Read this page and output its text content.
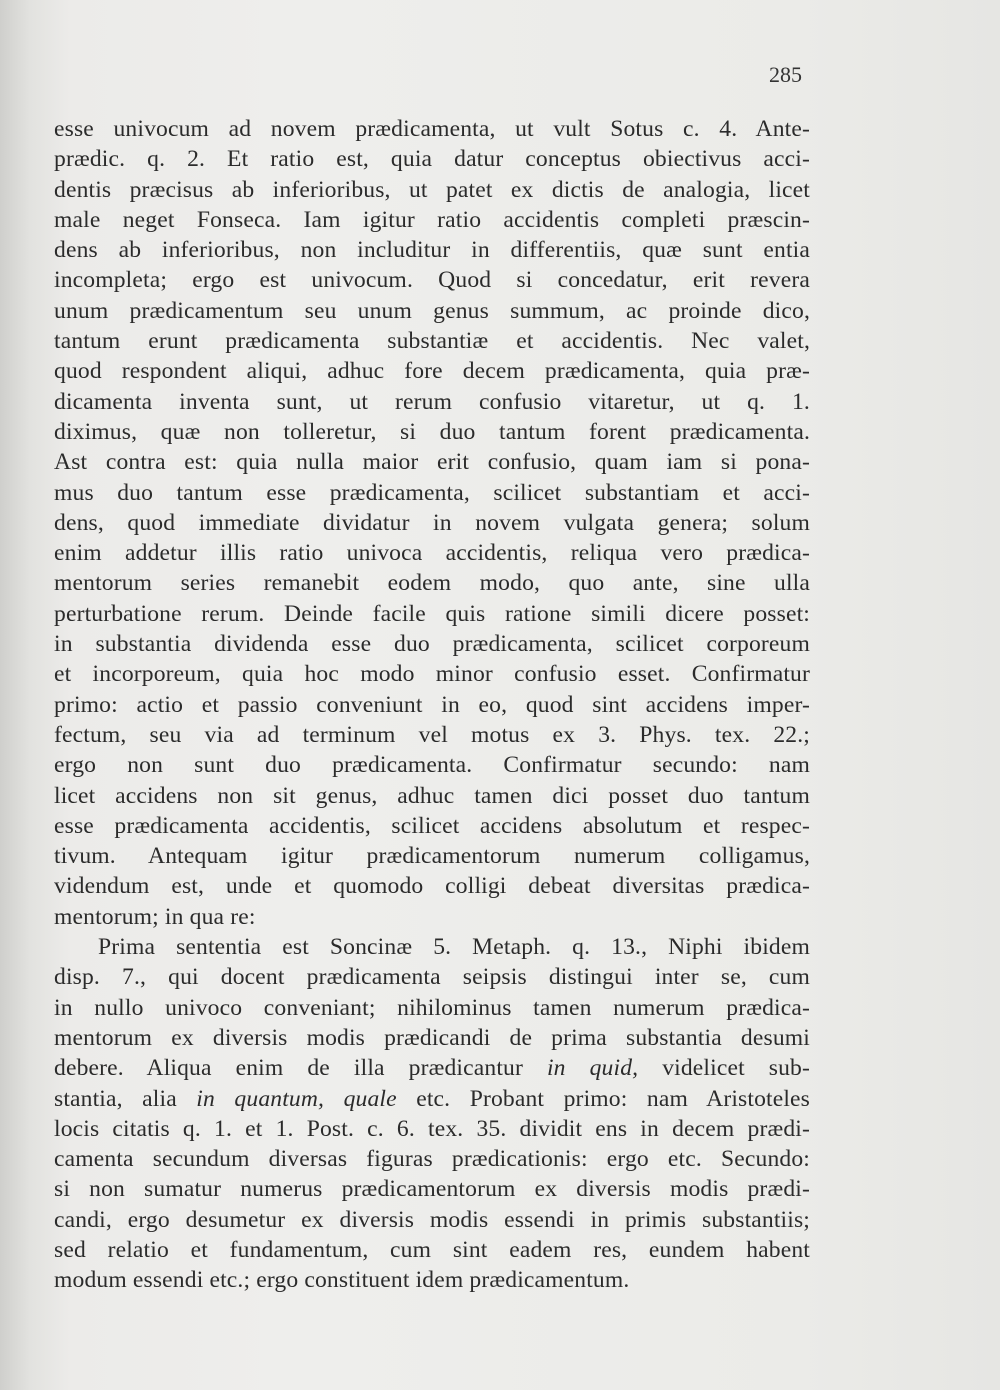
285
esse univocum ad novem prædicamenta, ut vult Sotus c. 4. Ante-
prædic. q. 2. Et ratio est, quia datur conceptus obiectivus acci-
dentis præcisus ab inferioribus, ut patet ex dictis de analogia, licet
male neget Fonseca. Iam igitur ratio accidentis completi præscin-
dens ab inferioribus, non includitur in differentiis, quæ sunt entia
incompleta; ergo est univocum. Quod si concedatur, erit revera
unum prædicamentum seu unum genus summum, ac proinde dico,
tantum erunt prædicamenta substantiæ et accidentis. Nec valet,
quod respondent aliqui, adhuc fore decem prædicamenta, quia præ-
dicamenta inventa sunt, ut rerum confusio vitaretur, ut q. 1.
diximus, quæ non tolleretur, si duo tantum forent prædicamenta.
Ast contra est: quia nulla maior erit confusio, quam iam si pona-
mus duo tantum esse prædicamenta, scilicet substantiam et acci-
dens, quod immediate dividatur in novem vulgata genera; solum
enim addetur illis ratio univoca accidentis, reliqua vero prædica-
mentorum series remanebit eodem modo, quo ante, sine ulla
perturbatione rerum. Deinde facile quis ratione simili dicere posset:
in substantia dividenda esse duo prædicamenta, scilicet corporeum
et incorporeum, quia hoc modo minor confusio esset. Confirmatur
primo: actio et passio conveniunt in eo, quod sint accidens imper-
fectum, seu via ad terminum vel motus ex 3. Phys. tex. 22.;
ergo non sunt duo prædicamenta. Confirmatur secundo: nam
licet accidens non sit genus, adhuc tamen dici posset duo tantum
esse prædicamenta accidentis, scilicet accidens absolutum et respec-
tivum. Antequam igitur prædicamentorum numerum colligamus,
videndum est, unde et quomodo colligi debeat diversitas prædica-
mentorum; in qua re:
Prima sententia est Soncinæ 5. Metaph. q. 13., Niphi ibidem
disp. 7., qui docent prædicamenta seipsis distingui inter se, cum
in nullo univoco conveniant; nihilominus tamen numerum prædica-
mentorum ex diversis modis prædicandi de prima substantia desumi
debere. Aliqua enim de illa prædicantur in quid, videlicet sub-
stantia, alia in quantum, quale etc. Probant primo: nam Aristoteles
locis citatis q. 1. et 1. Post. c. 6. tex. 35. dividit ens in decem prædi-
camenta secundum diversas figuras prædicationis: ergo etc. Secundo:
si non sumatur numerus prædicamentorum ex diversis modis prædi-
candi, ergo desumetur ex diversis modis essendi in primis substantiis;
sed relatio et fundamentum, cum sint eadem res, eundem habent
modum essendi etc.; ergo constituent idem prædicamentum.
